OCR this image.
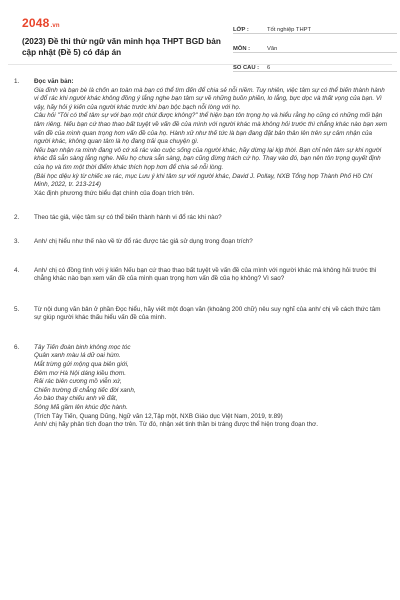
2048.vn
(2023) Đề thi thử ngữ văn minh họa THPT BGD bản cập nhật (Đề 5) có đáp án
LỚP :	Tốt nghiệp THPT
MÔN :	Văn
SỐ CÂU :	6
1.	Đọc văn bản:

Gia đình và bạn bè là chốn an toàn mà bạn có thể tìm đến để chia sẻ nỗi niềm. Tuy nhiên, việc tâm sự có thể biến thành hành vi đổ rác khi người khác không đồng ý lắng nghe bạn tâm sự về những buồn phiền, lo lắng, bực dọc và thất vọng của bạn. Vì vậy, hãy hỏi ý kiến của người khác trước khi bạn bộc bạch nỗi lòng với họ.

Câu hỏi "Tôi có thể tâm sự với bạn một chút được không?" thể hiện bạn tôn trọng họ và hiểu rằng họ cũng có những mối bận tâm riêng. Nếu bạn cứ thao thao bất tuyệt về vấn đề của mình với người khác mà không hỏi trước thì chẳng khác nào bạn xem vấn đề của mình quan trọng hơn vấn đề của họ. Hành xử như thế tức là bạn đang đặt bản thân lên trên sự cảm nhận của người khác, không quan tâm là họ đang trải qua chuyện gì.

Nếu bạn nhận ra mình đang vô cớ xả rác vào cuộc sống của người khác, hãy dừng lại kịp thời. Bạn chỉ nên tâm sự khi người khác đã sẵn sàng lắng nghe. Nếu họ chưa sẵn sàng, bạn cũng đừng trách cứ họ. Thay vào đó, bạn nên tôn trọng quyết định của họ và tìm một thời điểm khác thích hợp hơn để chia sẻ nỗi lòng.

(Bài học diệu kỳ từ chiếc xe rác, mục Lưu ý khi tâm sự với người khác, David J. Pollay, NXB Tổng hợp Thành Phố Hồ Chí Minh, 2022, tr. 213-214)

Xác định phương thức biểu đạt chính của đoạn trích trên.

2.	Theo tác giả, việc tâm sự có thể biến thành hành vi đổ rác khi nào?

3.	Anh/ chị hiểu như thế nào về từ đổ rác được tác giả sử dụng trong đoạn trích?

4.	Anh/ chị có đồng tình với ý kiến Nếu bạn cứ thao thao bất tuyệt về vấn đề của mình với người khác mà không hỏi trước thì chẳng khác nào bạn xem vấn đề của mình quan trọng hơn vấn đề của họ không? Vì sao?

5.	Từ nội dung văn bản ở phần Đọc hiểu, hãy viết một đoạn văn (khoảng 200 chữ) nêu suy nghĩ của anh/ chị về cách thức tâm sự giúp người khác thấu hiểu vấn đề của mình.

6.	Tây Tiến đoàn binh không mọc tóc

Quân xanh màu lá dữ oai hùm.

Mắt trừng gửi mộng qua biên giới,

Đêm mơ Hà Nội dáng kiều thơm.

Rải rác biên cương mồ viễn xứ,

Chiến trường đi chẳng tiếc đời xanh,

Áo bào thay chiếu anh về đất,

Sông Mã gầm lên khúc độc hành.

(Trích Tây Tiến, Quang Dũng, Ngữ văn 12,Tập một, NXB Giáo dục Việt Nam, 2019, tr.89)

Anh/ chị hãy phân tích đoạn thơ trên. Từ đó, nhận xét tinh thần bi tráng được thể hiện trong đoạn thơ.
